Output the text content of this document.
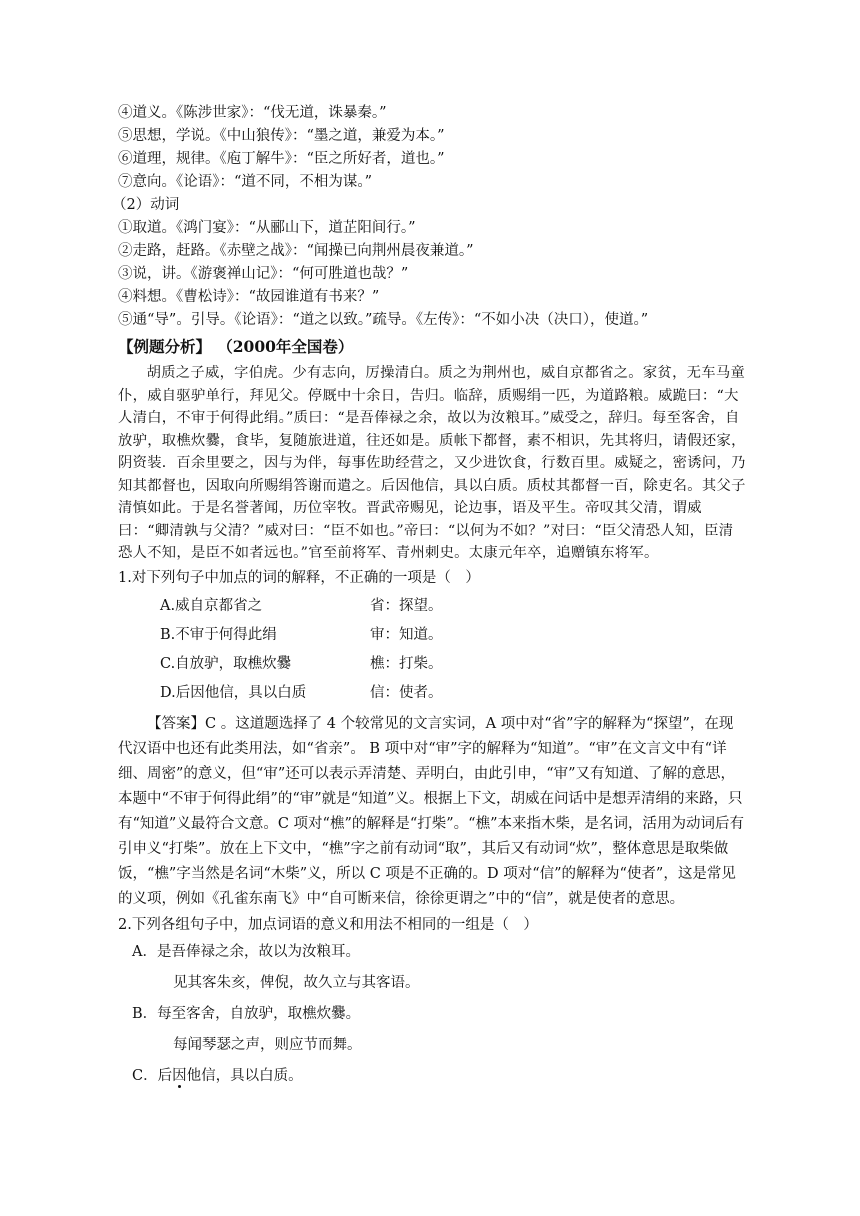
④道义。《陈涉世家》：“伐无道，诛暴秦。”

⑤思想，学说。《中山狼传》：“墨之道，兼爱为本。”

⑥道理，规律。《庖丁解牛》：“臣之所好者，道也。”

⑦意向。《论语》：“道不同，不相为谋。”

（2）动词

①取道。《鸿门宴》：“从郦山下，道芷阳间行。”

②走路，赶路。《赤壁之战》：“闻操已向荆州晨夜兼道。”

③说，讲。《游褒禅山记》：“何可胜道也哉？”

④料想。《曹松诗》：“故园谁道有书来？”

⑤通“导”。引导。《论语》：“道之以致。”疏导。《左传》：“不如小决（决口），使道。”

【例题分析】 （2000年全国卷）

胡质之子威，字伯虎。少有志向，厉操清白。质之为荆州也，威自京都省之。家贫，无车马童仆，威自驱驴单行，拜见父。停厩中十余日，告归。临辞，质赐绢一匹，为道路粮。威跪曰：“大人清白，不审于何得此绢。”质曰：“是吾俸禄之余，故以为汝粮耳。”威受之，辞归。每至客舍，自放驴，取樵炊爨，食毕，复随旅进道，往还如是。质帐下都督，素不相识，先其将归，请假还家，阴资装．百余里要之，因与为伴，每事佐助经营之，又少进饮食，行数百里。威疑之，密诱问，乃知其都督也，因取向所赐绢答谢而遣之。后因他信，具以白质。质杖其都督一百，除吏名。其父子清慎如此。于是名誉著闻，历位宰牧。晋武帝赐见，论边事，语及平生。帝叹其父清，谓威曰：“卿清孰与父清？”威对曰：“臣不如也。”帝曰：“以何为不如？”对曰：“臣父清恐人知，臣清恐人不知，是臣不如者远也。”官至前将军、青州刺史。太康元年卒，追赠镇东将军。

1.对下列句子中加点的词的解释，不正确的一项是（　）

A.威自京都省之	省：探望。
B.不审于何得此绢	审：知道。
C.自放驴，取樵炊爨	樵：打柴。
D.后因他信，具以白质	信：使者。

【答案】C 。这道题选择了 4 个较常见的文言实词，A 项中对“省”字的解释为“探望”，在现代汉语中也还有此类用法，如“省亲”。 B 项中对“审”字的解释为“知道”。“审”在文言文中有“详细、周密”的意义，但“审”还可以表示弄清楚、弄明白，由此引申，“审”又有知道、了解的意思，本题中“不审于何得此绢”的“审”就是“知道”义。根据上下文，胡威在问话中是想弄清绢的来路，只有“知道”义最符合文意。C 项对“樵”的解释是“打柴”。“樵”本来指木柴，是名词，活用为动词后有引申义“打柴”。放在上下文中，“樵”字之前有动词“取”，其后又有动词“炊”，整体意思是取柴做饭，“樵”字当然是名词“木柴”义，所以 C 项是不正确的。D 项对“信”的解释为“使者”，这是常见的义项，例如《孔雀东南飞》中“自可断来信，徐徐更谓之”中的“信”，就是使者的意思。

2.下列各组句子中，加点词语的意义和用法不相同的一组是（　）

A．是吾俸禄之余，故以为汝粮耳。
见其客朱亥，俾倪，故久立与其客语。
B．每至客舍，自放驴，取樵炊爨。
每闻琴瑟之声，则应节而舞。
C．后因他信，具以白质。
